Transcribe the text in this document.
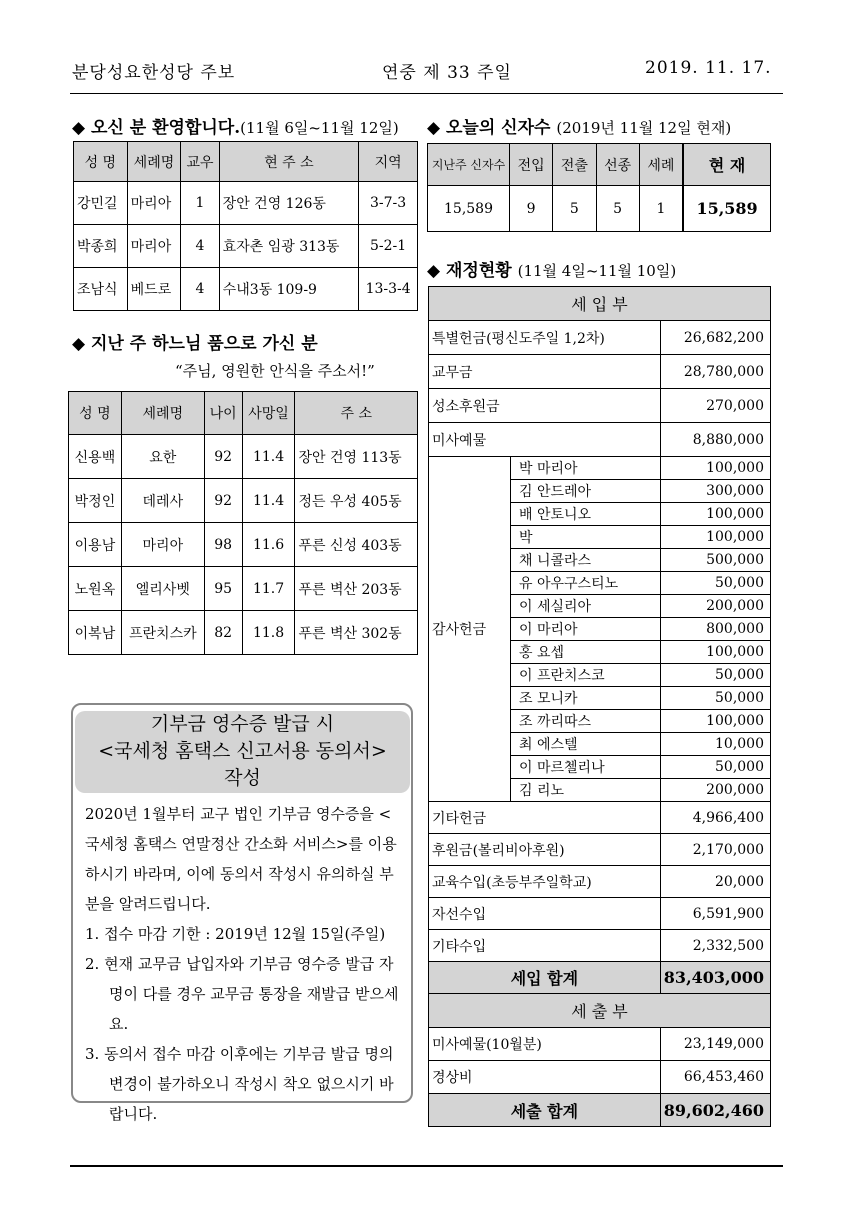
분당성요한성당 주보	연중 제 33 주일	2019. 11. 17.
◆ 오신 분 환영합니다.(11월 6일~11월 12일)
성 명	세례명	교우	현 주 소	지역
강민길	마리아	1	장안 건영 126동	3-7-3
박종희	마리아	4	효자촌 임광 313동	5-2-1
조남식	베드로	4	수내3동 109-9	13-3-4
◆ 지난 주 하느님 품으로 가신 분
“주님, 영원한 안식을 주소서!”
성 명	세례명	나이	사망일	주 소
신용백	요한	92	11.4	장안 건영 113동
박정인	데레사	92	11.4	정든 우성 405동
이용남	마리아	98	11.6	푸른 신성 403동
노원옥	엘리사벳	95	11.7	푸른 벽산 203동
이복남	프란치스카	82	11.8	푸른 벽산 302동
기부금 영수증 발급 시
<국세청 홈택스 신고서용 동의서>
작성

2020년 1월부터 교구 법인 기부금 영수증을 <국세청 홈택스 연말정산 간소화 서비스>를 이용하시기 바라며, 이에 동의서 작성시 유의하실 부분을 알려드립니다.

1. 접수 마감 기한 : 2019년 12월 15일(주일)

2. 현재 교무금 납입자와 기부금 영수증 발급 자명이 다를 경우 교무금 통장을 재발급 받으세요.

3. 동의서 접수 마감 이후에는 기부금 발급 명의 변경이 불가하오니 작성시 착오 없으시기 바랍니다.

◆ 오늘의 신자수 (2019년 11월 12일 현재)
지난주 신자수	전입	전출	선종	세례	현 재
15,589	9	5	5	1	15,589
◆ 재정현황 (11월 4일~11월 10일)
세 입 부		
특별헌금(평신도주일 1,2차)		26,682,200
교무금		28,780,000
성소후원금		270,000
미사예물		8,880,000
감사헌금	박 마리아	100,000
	김 안드레아	300,000
	배 안토니오	100,000
	박	100,000
	채 니콜라스	500,000
	유 아우구스티노	50,000
	이 세실리아	200,000
	이 마리아	800,000
	홍 요셉	100,000
	이 프란치스코	50,000
	조 모니카	50,000
	조 까리따스	100,000
	최 에스텔	10,000
	이 마르첼리나	50,000
	김 리노	200,000
기타헌금		4,966,400
후원금(볼리비아후원)		2,170,000
교육수입(초등부주일학교)		20,000
자선수입		6,591,900
기타수입		2,332,500
세입 합계		83,403,000
세 출 부		
미사예물(10월분)		23,149,000
경상비		66,453,460
세출 합계		89,602,460
